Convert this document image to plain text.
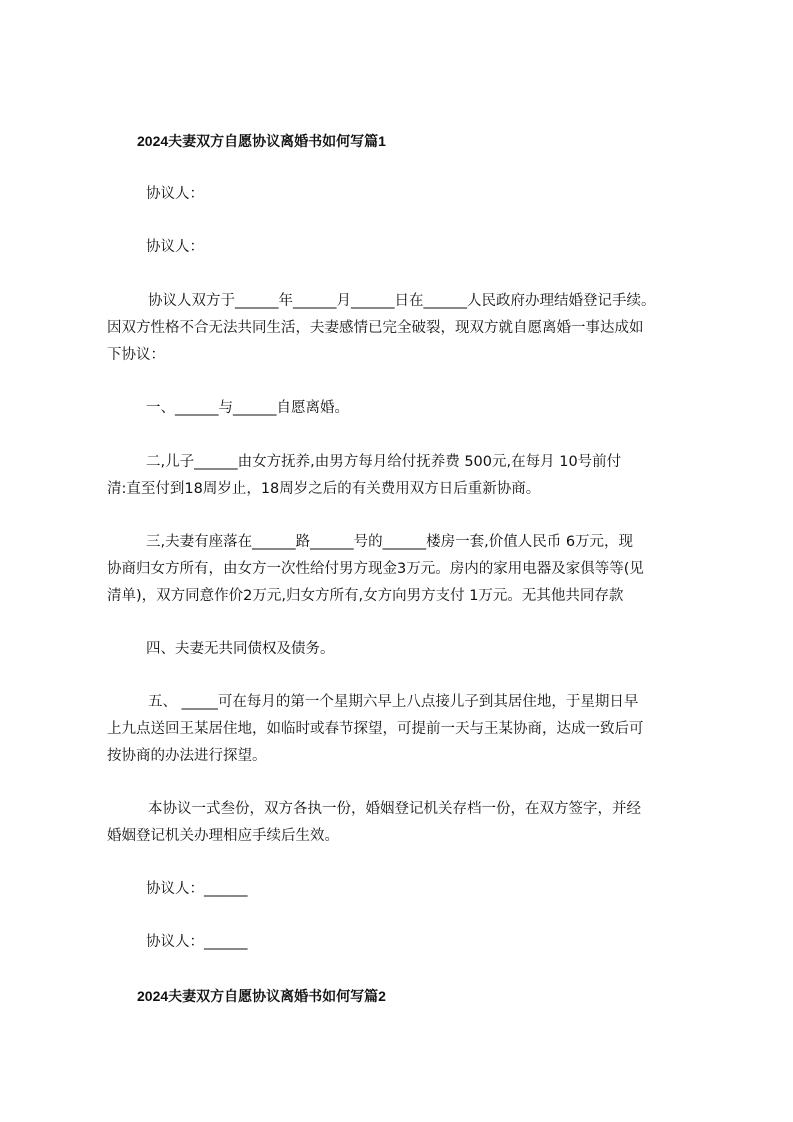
2024夫妻双方自愿协议离婚书如何写篇1
协议人：
协议人：
协议人双方于______年______月______日在______人民政府办理结婚登记手续。
因双方性格不合无法共同生活，夫妻感情已完全破裂，现双方就自愿离婚一事达成如
下协议：
一、______与______自愿离婚。
二,儿子______由女方抚养,由男方每月给付抚养费 500元,在每月 10号前付
清:直至付到18周岁止，18周岁之后的有关费用双方日后重新协商。
三,夫妻有座落在______路______号的______楼房一套,价值人民币 6万元，现
协商归女方所有，由女方一次性给付男方现金3万元。房内的家用电器及家俱等等(见
清单)，双方同意作价2万元,归女方所有,女方向男方支付 1万元。无其他共同存款
四、夫妻无共同债权及债务。
五、 _____可在每月的第一个星期六早上八点接儿子到其居住地，于星期日早
上九点送回王某居住地，如临时或春节探望，可提前一天与王某协商，达成一致后可
按协商的办法进行探望。
本协议一式叁份，双方各执一份，婚姻登记机关存档一份，在双方签字，并经
婚姻登记机关办理相应手续后生效。
协议人：______
协议人：______
2024夫妻双方自愿协议离婚书如何写篇2
